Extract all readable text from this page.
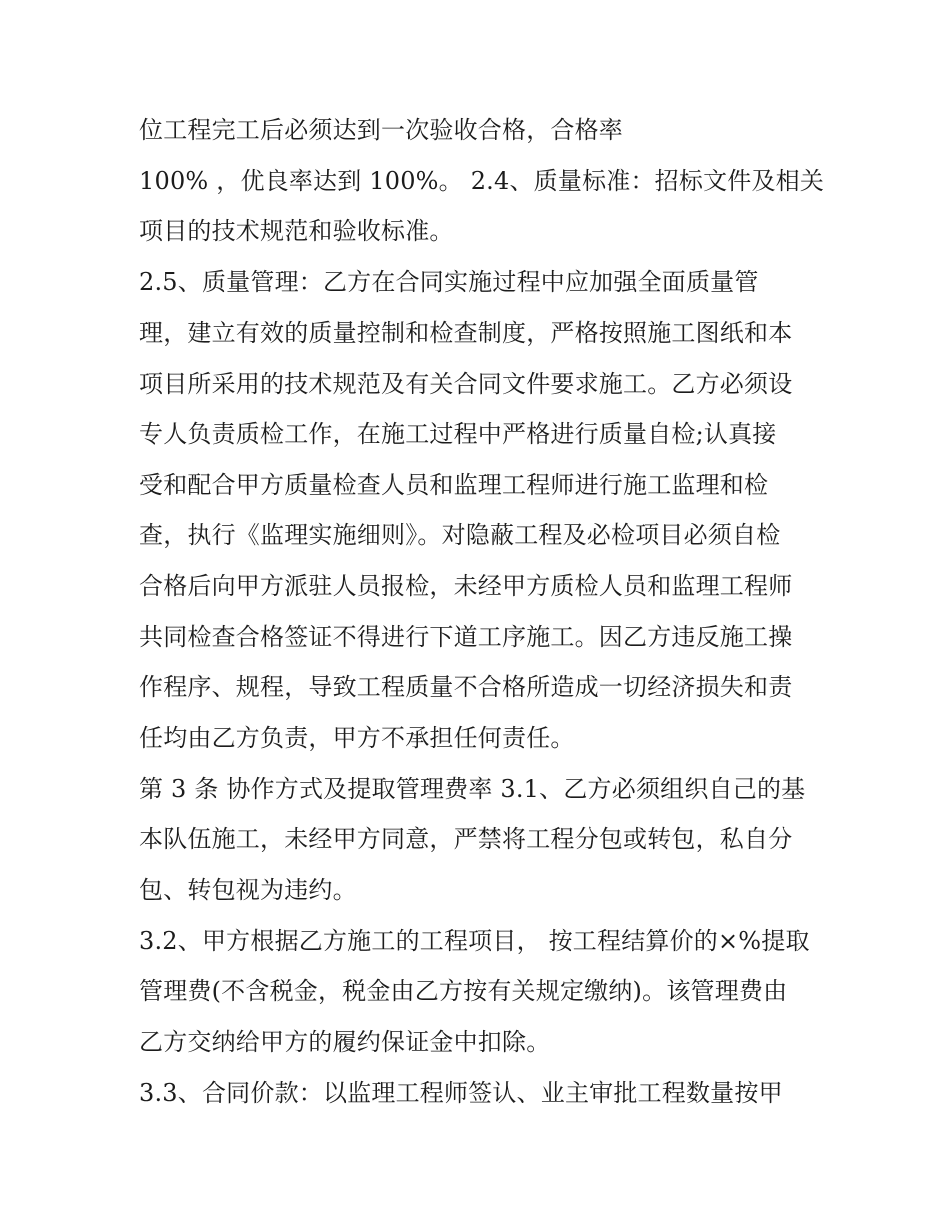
位工程完工后必须达到一次验收合格，合格率
100% ，优良率达到 100%。 2.4、质量标准：招标文件及相关
项目的技术规范和验收标准。
2.5、质量管理：乙方在合同实施过程中应加强全面质量管
理，建立有效的质量控制和检查制度，严格按照施工图纸和本
项目所采用的技术规范及有关合同文件要求施工。乙方必须设
专人负责质检工作，在施工过程中严格进行质量自检;认真接
受和配合甲方质量检查人员和监理工程师进行施工监理和检
查，执行《监理实施细则》。对隐蔽工程及必检项目必须自检
合格后向甲方派驻人员报检，未经甲方质检人员和监理工程师
共同检查合格签证不得进行下道工序施工。因乙方违反施工操
作程序、规程，导致工程质量不合格所造成一切经济损失和责
任均由乙方负责，甲方不承担任何责任。
第 3 条 协作方式及提取管理费率 3.1、乙方必须组织自己的基
本队伍施工，未经甲方同意，严禁将工程分包或转包，私自分
包、转包视为违约。
3.2、甲方根据乙方施工的工程项目， 按工程结算价的×%提取
管理费(不含税金，税金由乙方按有关规定缴纳)。该管理费由
乙方交纳给甲方的履约保证金中扣除。
3.3、合同价款：以监理工程师签认、业主审批工程数量按甲
